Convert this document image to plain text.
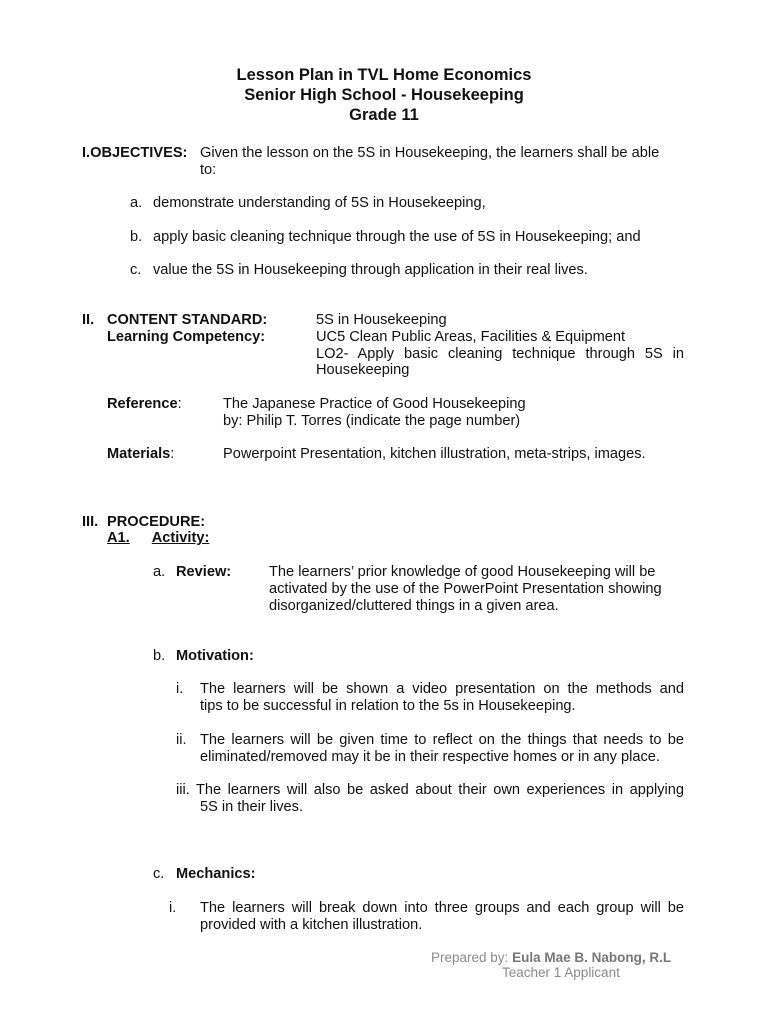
Lesson Plan in TVL Home Economics
Senior High School - Housekeeping
Grade 11
I.OBJECTIVES: Given the lesson on the 5S in Housekeeping, the learners shall be able
to:
a. demonstrate understanding of 5S in Housekeeping,
b. apply basic cleaning technique through the use of 5S in Housekeeping; and
c. value the 5S in Housekeeping through application in their real lives.
II. CONTENT STANDARD:	5S in Housekeeping
Learning Competency:	UC5 Clean Public Areas, Facilities & Equipment
LO2- Apply basic cleaning technique through 5S in
Housekeeping
Reference:	The Japanese Practice of Good Housekeeping
by: Philip T. Torres (indicate the page number)
Materials:	Powerpoint Presentation, kitchen illustration, meta-strips, images.
III. PROCEDURE:
A1. Activity:
a. Review:	The learners’ prior knowledge of good Housekeeping will be
activated by the use of the PowerPoint Presentation showing
disorganized/cluttered things in a given area.
b. Motivation:
i. The learners will be shown a video presentation on the methods and
tips to be successful in relation to the 5s in Housekeeping.
ii. The learners will be given time to reflect on the things that needs to be
eliminated/removed may it be in their respective homes or in any place.
iii. The learners will also be asked about their own experiences in applying
5S in their lives.
c. Mechanics:
i. The learners will break down into three groups and each group will be
provided with a kitchen illustration.
Prepared by: Eula Mae B. Nabong, R.L
Teacher 1 Applicant
